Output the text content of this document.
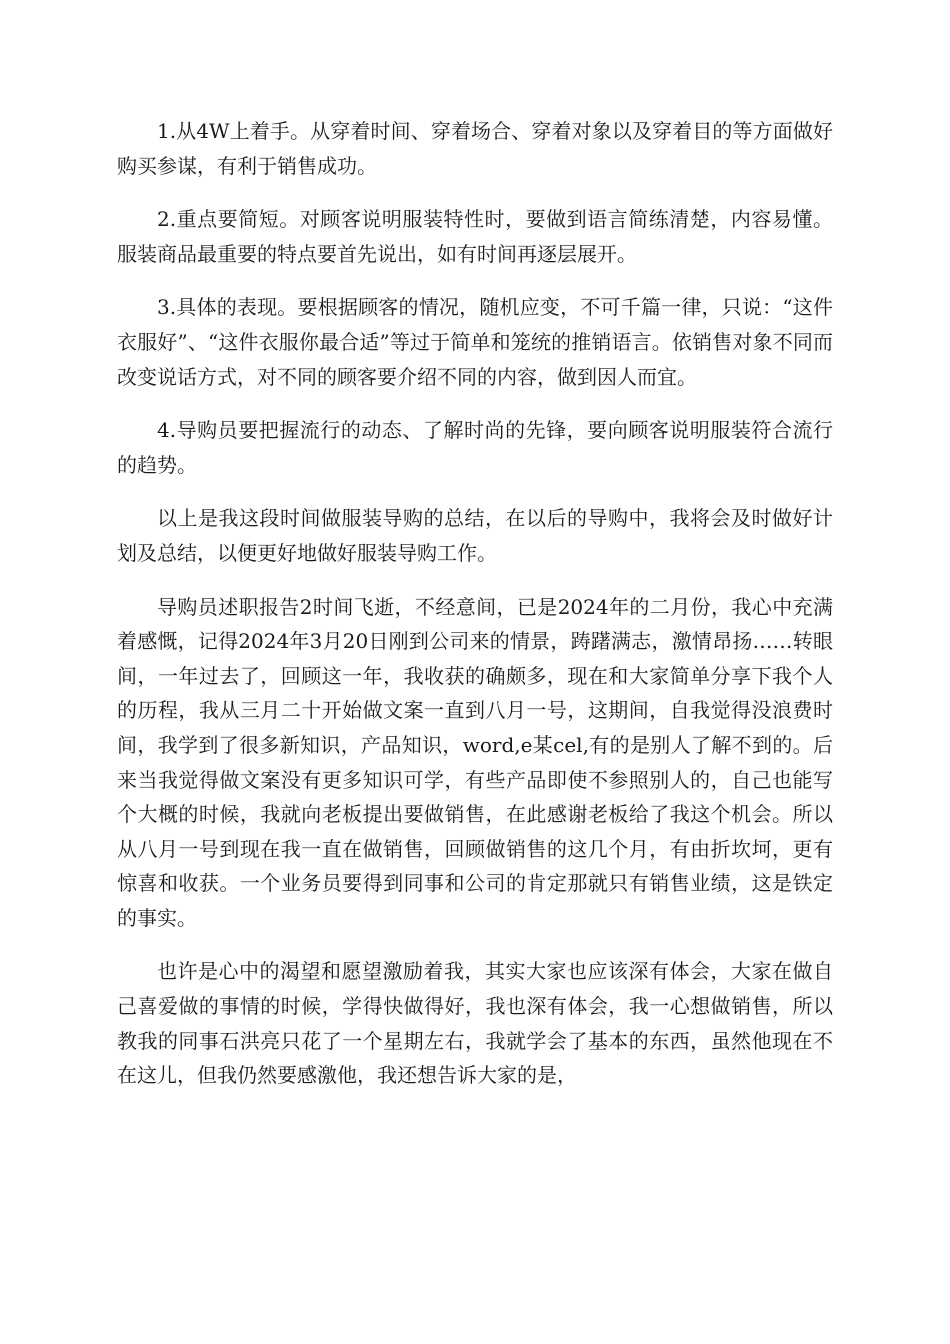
1.从4W上着手。从穿着时间、穿着场合、穿着对象以及穿着目的等方面做好购买参谋，有利于销售成功。

2.重点要简短。对顾客说明服装特性时，要做到语言简练清楚，内容易懂。服装商品最重要的特点要首先说出，如有时间再逐层展开。

3.具体的表现。要根据顾客的情况，随机应变，不可千篇一律，只说：“这件衣服好”、“这件衣服你最合适”等过于简单和笼统的推销语言。依销售对象不同而改变说话方式，对不同的顾客要介绍不同的内容，做到因人而宜。

4.导购员要把握流行的动态、了解时尚的先锋，要向顾客说明服装符合流行的趋势。

以上是我这段时间做服装导购的总结，在以后的导购中，我将会及时做好计划及总结，以便更好地做好服装导购工作。

导购员述职报告2时间飞逝，不经意间，已是2024年的二月份，我心中充满着感慨，记得2024年3月20日刚到公司来的情景，踌躇满志，激情昂扬……转眼间，一年过去了，回顾这一年，我收获的确颇多，现在和大家简单分享下我个人的历程，我从三月二十开始做文案一直到八月一号，这期间，自我觉得没浪费时间，我学到了很多新知识，产品知识，word,e某cel,有的是别人了解不到的。后来当我觉得做文案没有更多知识可学，有些产品即使不参照别人的，自己也能写个大概的时候，我就向老板提出要做销售，在此感谢老板给了我这个机会。所以从八月一号到现在我一直在做销售，回顾做销售的这几个月，有由折坎坷，更有惊喜和收获。一个业务员要得到同事和公司的肯定那就只有销售业绩，这是铁定的事实。

也许是心中的渴望和愿望激励着我，其实大家也应该深有体会，大家在做自己喜爱做的事情的时候，学得快做得好，我也深有体会，我一心想做销售，所以教我的同事石洪亮只花了一个星期左右，我就学会了基本的东西，虽然他现在不在这儿，但我仍然要感激他，我还想告诉大家的是，
